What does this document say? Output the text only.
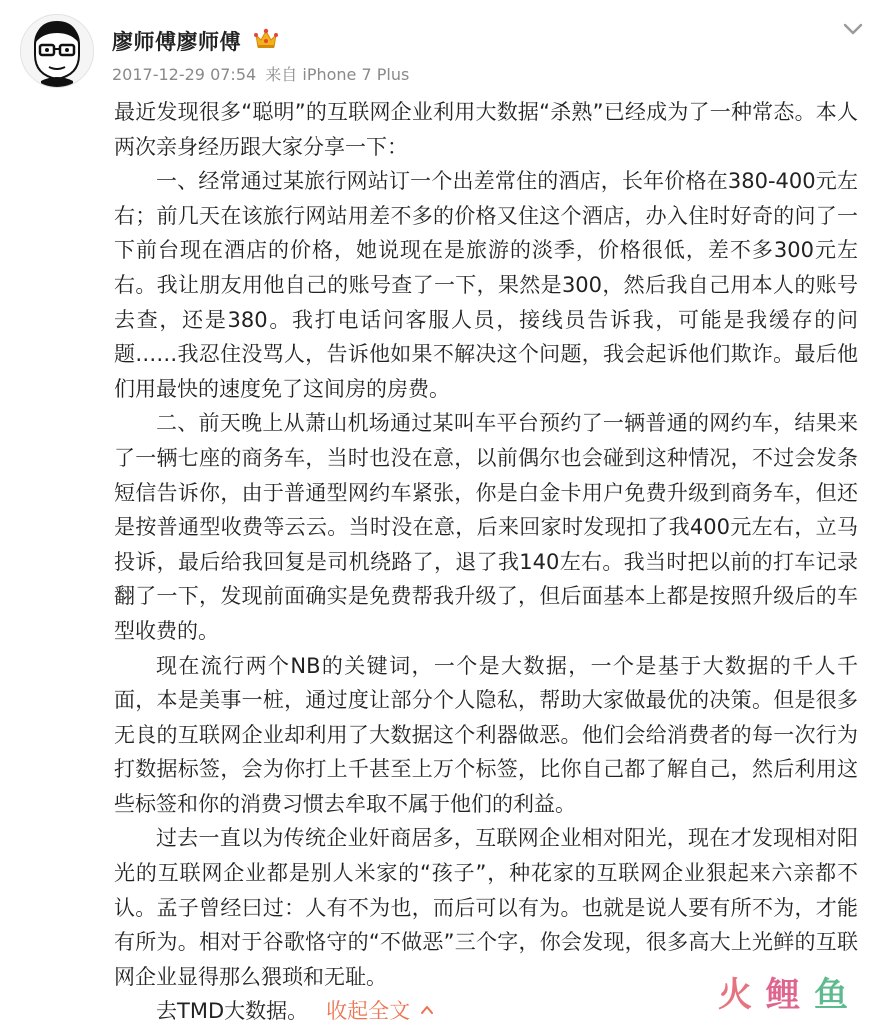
廖师傅廖师傅
2017-12-29 07:54 来自 iPhone 7 Plus

最近发现很多“聪明”的互联网企业利用大数据“杀熟”已经成为了一种常态。本人两次亲身经历跟大家分享一下：

一、经常通过某旅行网站订一个出差常住的酒店，长年价格在380-400元左右；前几天在该旅行网站用差不多的价格又住这个酒店，办入住时好奇的问了一下前台现在酒店的价格，她说现在是旅游的淡季，价格很低，差不多300元左右。我让朋友用他自己的账号查了一下，果然是300，然后我自己用本人的账号去查，还是380。我打电话问客服人员，接线员告诉我，可能是我缓存的问题……我忍住没骂人，告诉他如果不解决这个问题，我会起诉他们欺诈。最后他们用最快的速度免了这间房的房费。

二、前天晚上从萧山机场通过某叫车平台预约了一辆普通的网约车，结果来了一辆七座的商务车，当时也没在意，以前偶尔也会碰到这种情况，不过会发条短信告诉你，由于普通型网约车紧张，你是白金卡用户免费升级到商务车，但还是按普通型收费等云云。当时没在意，后来回家时发现扣了我400元左右，立马投诉，最后给我回复是司机绕路了，退了我140左右。我当时把以前的打车记录翻了一下，发现前面确实是免费帮我升级了，但后面基本上都是按照升级后的车型收费的。

现在流行两个NB的关键词，一个是大数据，一个是基于大数据的千人千面，本是美事一桩，通过度让部分个人隐私，帮助大家做最优的决策。但是很多无良的互联网企业却利用了大数据这个利器做恶。他们会给消费者的每一次行为打数据标签，会为你打上千甚至上万个标签，比你自己都了解自己，然后利用这些标签和你的消费习惯去牟取不属于他们的利益。

过去一直以为传统企业奸商居多，互联网企业相对阳光，现在才发现相对阳光的互联网企业都是别人米家的“孩子”，种花家的互联网企业狠起来六亲都不认。孟子曾经曰过：人有不为也，而后可以有为。也就是说人要有所不为，才能有所为。相对于谷歌恪守的“不做恶”三个字，你会发现，很多高大上光鲜的互联网企业显得那么猥琐和无耻。

去TMD大数据。 收起全文	火 鲤 鱼
